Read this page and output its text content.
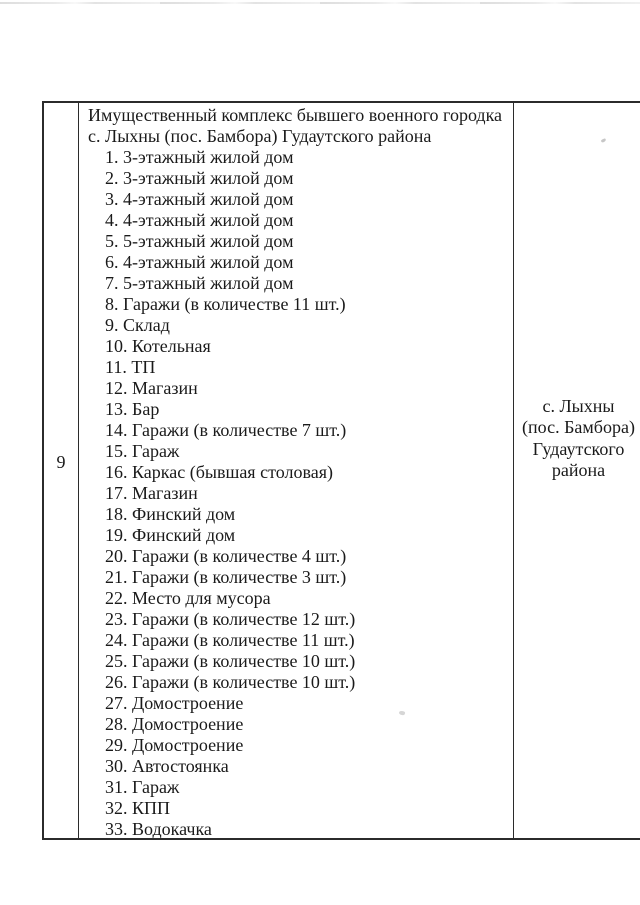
9
Имущественный комплекс бывшего военного городка
с. Лыхны (пос. Бамбора) Гудаутского района
1. 3-этажный жилой дом
2. 3-этажный жилой дом
3. 4-этажный жилой дом
4. 4-этажный жилой дом
5. 5-этажный жилой дом
6. 4-этажный жилой дом
7. 5-этажный жилой дом
8. Гаражи (в количестве 11 шт.)
9. Склад
10. Котельная
11. ТП
12. Магазин
13. Бар
14. Гаражи (в количестве 7 шт.)
15. Гараж
16. Каркас (бывшая столовая)
17. Магазин
18. Финский дом
19. Финский дом
20. Гаражи (в количестве 4 шт.)
21. Гаражи (в количестве 3 шт.)
22. Место для мусора
23. Гаражи (в количестве 12 шт.)
24. Гаражи (в количестве 11 шт.)
25. Гаражи (в количестве 10 шт.)
26. Гаражи (в количестве 10 шт.)
27. Домостроение
28. Домостроение
29. Домостроение
30. Автостоянка
31. Гараж
32. КПП
33. Водокачка
с. Лыхны
(пос. Бамбора)
Гудаутского
района
